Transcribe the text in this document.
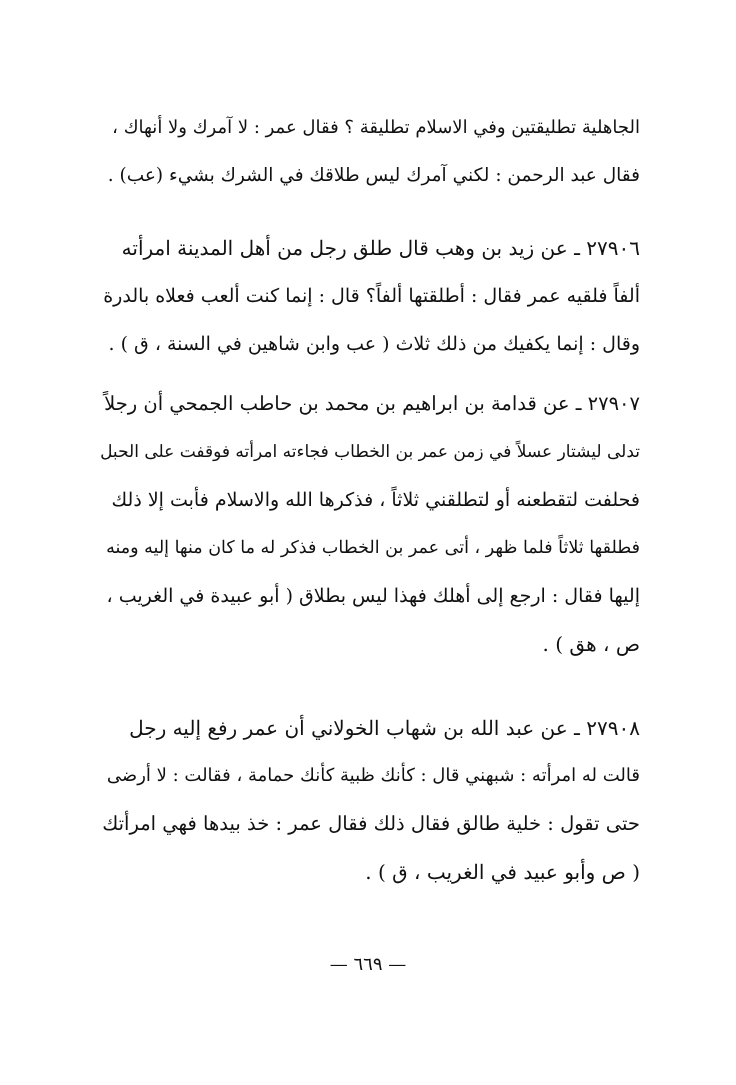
الجاهلية تطليقتين وفي الاسلام تطليقة ؟ فقال عمر : لا آمرك ولا أنهاك ،
فقال عبد الرحمن : لكني آمرك ليس طلاقك في الشرك بشيء (عب) .
٢٧٩٠٦ ـ عن زيد بن وهب قال طلق رجل من أهل المدينة امرأته
ألفاً فلقيه عمر فقال : أطلقتها ألفاً؟ قال : إنما كنت ألعب فعلاه بالدرة
وقال : إنما يكفيك من ذلك ثلاث ( عب وابن شاهين في السنة ، ق ) .
٢٧٩٠٧ ـ عن قدامة بن ابراهيم بن محمد بن حاطب الجمحي أن رجلاً
تدلى ليشتار عسلاً في زمن عمر بن الخطاب فجاءته امرأته فوقفت على الحبل
فحلفت لتقطعنه أو لتطلقني ثلاثاً ، فذكرها الله والاسلام فأبت إلا ذلك
فطلقها ثلاثاً فلما ظهر ، أتى عمر بن الخطاب فذكر له ما كان منها إليه ومنه
إليها فقال : ارجع إلى أهلك فهذا ليس بطلاق ( أبو عبيدة في الغريب ،
ص ، هق ) .
٢٧٩٠٨ ـ عن عبد الله بن شهاب الخولاني أن عمر رفع إليه رجل
قالت له امرأته : شبهني قال : كأنك ظبية كأنك حمامة ، فقالت : لا أرضى
حتى تقول : خلية طالق فقال ذلك فقال عمر : خذ بيدها فهي امرأتك
( ص وأبو عبيد في الغريب ، ق ) .
— ٦٦٩ —
